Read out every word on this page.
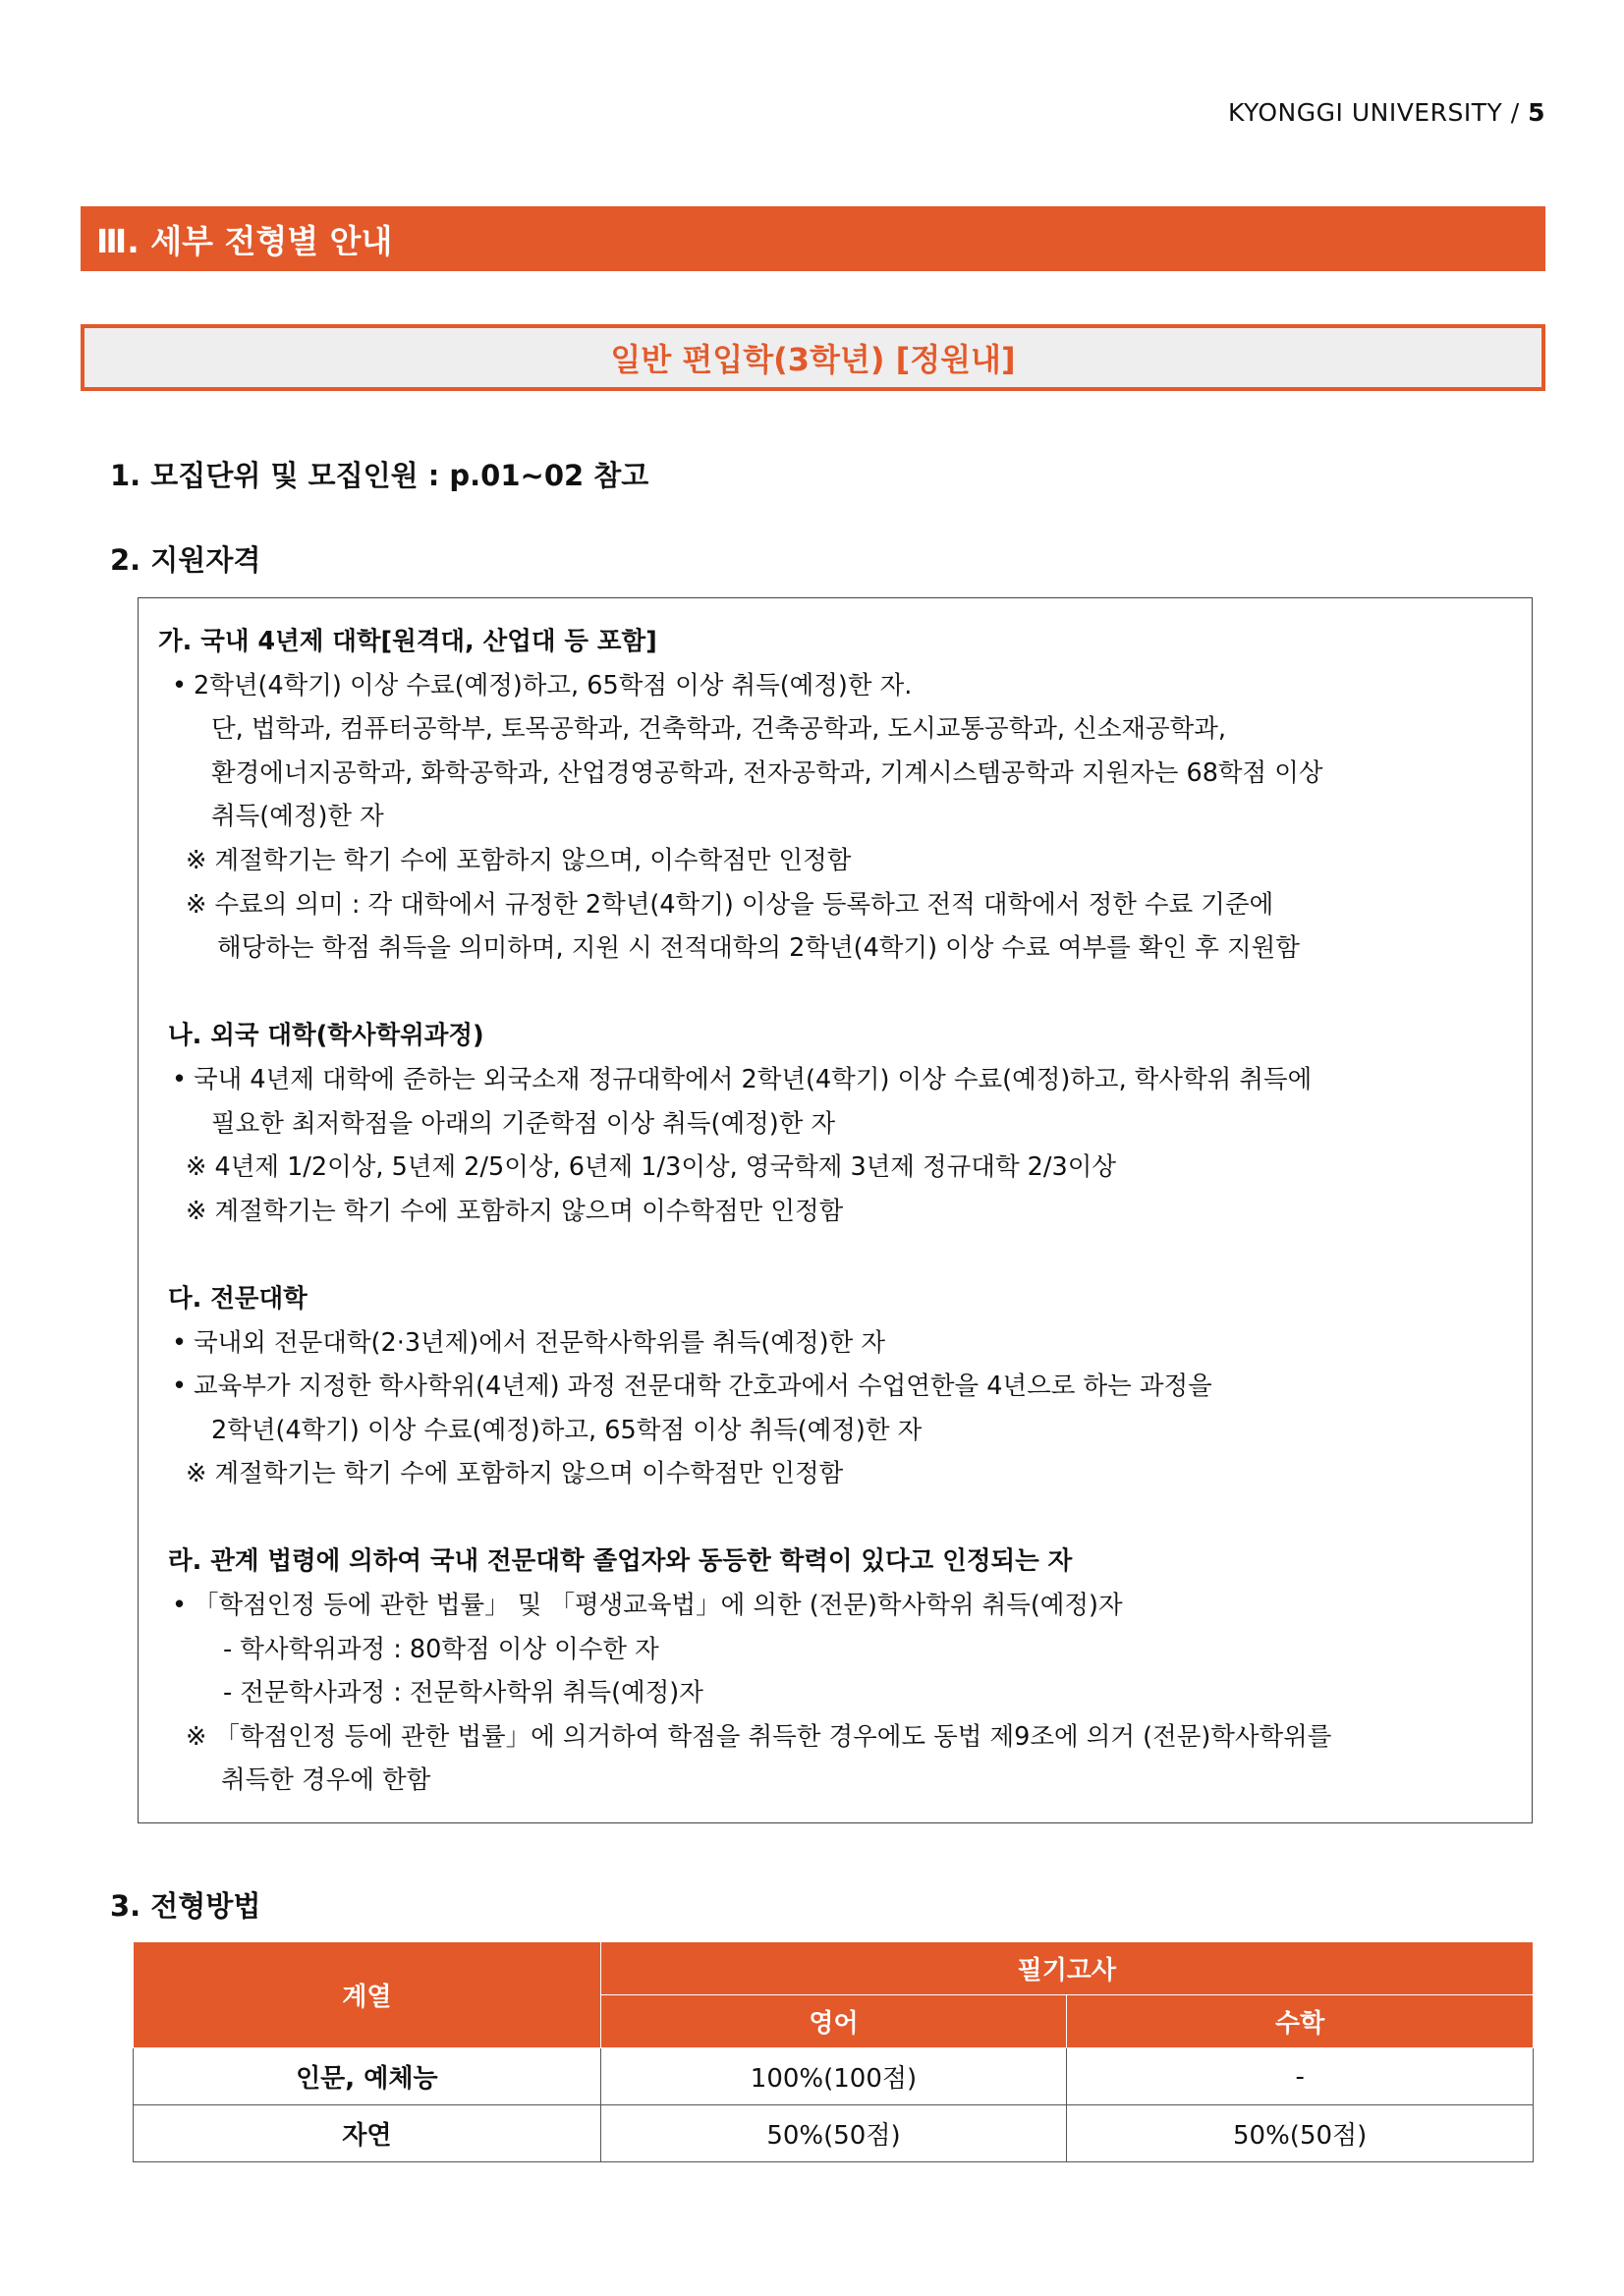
KYONGGI UNIVERSITY / 5
Ⅲ. 세부 전형별 안내
일반 편입학(3학년) [정원내]
1. 모집단위 및 모집인원 : p.01~02 참고
2. 지원자격
가. 국내 4년제 대학[원격대, 산업대 등 포함]
• 2학년(4학기) 이상 수료(예정)하고, 65학점 이상 취득(예정)한 자.
단, 법학과, 컴퓨터공학부, 토목공학과, 건축학과, 건축공학과, 도시교통공학과, 신소재공학과,
환경에너지공학과, 화학공학과, 산업경영공학과, 전자공학과, 기계시스템공학과 지원자는 68학점 이상
취득(예정)한 자
※ 계절학기는 학기 수에 포함하지 않으며, 이수학점만 인정함
※ 수료의 의미 : 각 대학에서 규정한 2학년(4학기) 이상을 등록하고 전적 대학에서 정한 수료 기준에
해당하는 학점 취득을 의미하며, 지원 시 전적대학의 2학년(4학기) 이상 수료 여부를 확인 후 지원함
나. 외국 대학(학사학위과정)
• 국내 4년제 대학에 준하는 외국소재 정규대학에서 2학년(4학기) 이상 수료(예정)하고, 학사학위 취득에
필요한 최저학점을 아래의 기준학점 이상 취득(예정)한 자
※ 4년제 1/2이상, 5년제 2/5이상, 6년제 1/3이상, 영국학제 3년제 정규대학 2/3이상
※ 계절학기는 학기 수에 포함하지 않으며 이수학점만 인정함
다. 전문대학
• 국내외 전문대학(2·3년제)에서 전문학사학위를 취득(예정)한 자
• 교육부가 지정한 학사학위(4년제) 과정 전문대학 간호과에서 수업연한을 4년으로 하는 과정을
2학년(4학기) 이상 수료(예정)하고, 65학점 이상 취득(예정)한 자
※ 계절학기는 학기 수에 포함하지 않으며 이수학점만 인정함
라. 관계 법령에 의하여 국내 전문대학 졸업자와 동등한 학력이 있다고 인정되는 자
• 「학점인정 등에 관한 법률」 및 「평생교육법」에 의한 (전문)학사학위 취득(예정)자
- 학사학위과정 : 80학점 이상 이수한 자
- 전문학사과정 : 전문학사학위 취득(예정)자
※ 「학점인정 등에 관한 법률」에 의거하여 학점을 취득한 경우에도 동법 제9조에 의거 (전문)학사학위를
취득한 경우에 한함
3. 전형방법
계열	필기고사	
	영어	수학
인문, 예체능	100%(100점)	-
자연	50%(50점)	50%(50점)
